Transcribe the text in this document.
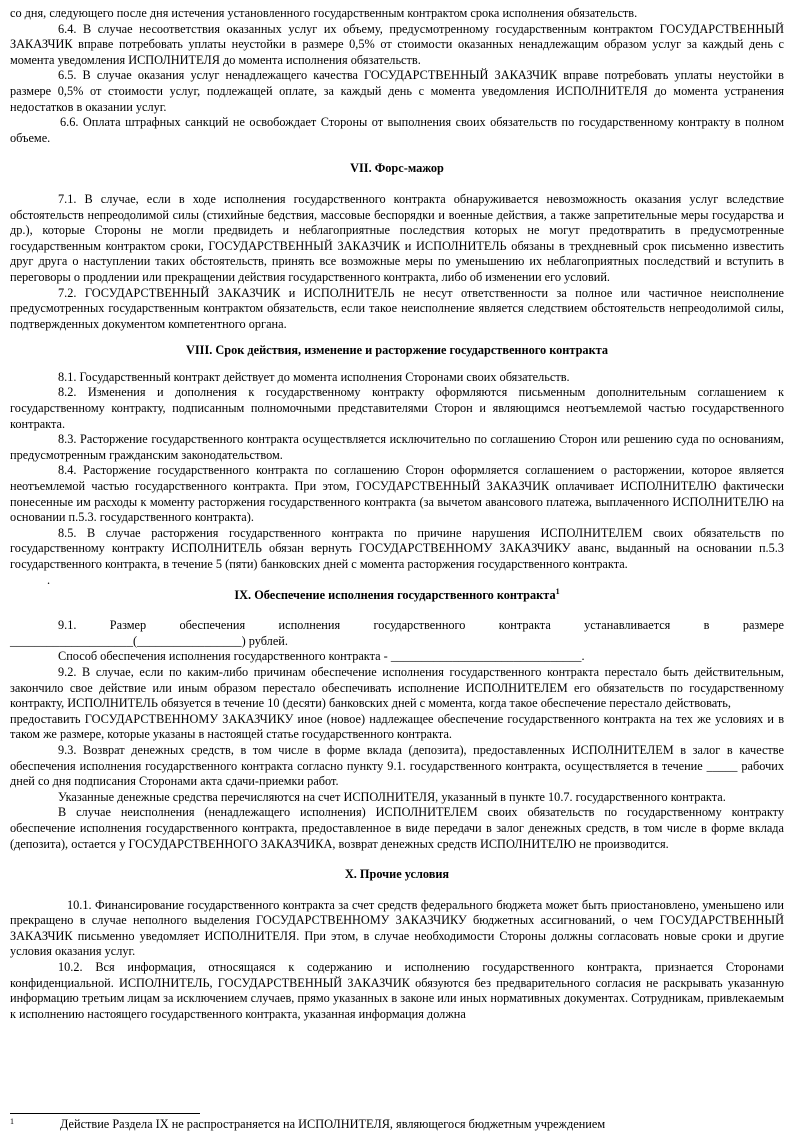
со дня, следующего после дня истечения установленного государственным контрактом срока исполнения обязательств.

6.4. В случае несоответствия оказанных услуг их объему, предусмотренному государственным контрактом ГОСУДАРСТВЕННЫЙ ЗАКАЗЧИК вправе потребовать уплаты неустойки в размере 0,5% от стоимости оказанных ненадлежащим образом услуг за каждый день с момента уведомления ИСПОЛНИТЕЛЯ до момента исполнения обязательств.

6.5. В случае оказания услуг ненадлежащего качества ГОСУДАРСТВЕННЫЙ ЗАКАЗЧИК вправе потребовать уплаты неустойки в размере 0,5% от стоимости услуг, подлежащей оплате, за каждый день с момента уведомления ИСПОЛНИТЕЛЯ до момента устранения недостатков в оказании услуг.

6.6. Оплата штрафных санкций не освобождает Стороны от выполнения своих обязательств по государственному контракту в полном объеме.

VII. Форс-мажор

7.1. В случае, если в ходе исполнения государственного контракта обнаруживается невозможность оказания услуг вследствие обстоятельств непреодолимой силы (стихийные бедствия, массовые беспорядки и военные действия, а также запретительные меры государства и др.), которые Стороны не могли предвидеть и неблагоприятные последствия которых не могут предотвратить в предусмотренные государственным контрактом сроки, ГОСУДАРСТВЕННЫЙ ЗАКАЗЧИК и ИСПОЛНИТЕЛЬ обязаны в трехдневный срок письменно известить друг друга о наступлении таких обстоятельств, принять все возможные меры по уменьшению их неблагоприятных последствий и вступить в переговоры о продлении или прекращении действия государственного контракта, либо об изменении его условий.

7.2. ГОСУДАРСТВЕННЫЙ ЗАКАЗЧИК и ИСПОЛНИТЕЛЬ не несут ответственности за полное или частичное неисполнение предусмотренных государственным контрактом обязательств, если такое неисполнение является следствием обстоятельств непреодолимой силы, подтвержденных документом компетентного органа.

VIII. Срок действия, изменение и расторжение государственного контракта

8.1. Государственный контракт действует до момента исполнения Сторонами своих обязательств.

8.2. Изменения и дополнения к государственному контракту оформляются письменным дополнительным соглашением к государственному контракту, подписанным полномочными представителями Сторон и являющимся неотъемлемой частью государственного контракта.

8.3. Расторжение государственного контракта осуществляется исключительно по соглашению Сторон или решению суда по основаниям, предусмотренным гражданским законодательством.

8.4. Расторжение государственного контракта по соглашению Сторон оформляется соглашением о расторжении, которое является неотъемлемой частью государственного контракта. При этом, ГОСУДАРСТВЕННЫЙ ЗАКАЗЧИК оплачивает ИСПОЛНИТЕЛЮ фактически понесенные им расходы к моменту расторжения государственного контракта (за вычетом авансового платежа, выплаченного ИСПОЛНИТЕЛЮ на основании п.5.3. государственного контракта).

8.5. В случае расторжения государственного контракта по причине нарушения ИСПОЛНИТЕЛЕМ своих обязательств по государственному контракту ИСПОЛНИТЕЛЬ обязан вернуть ГОСУДАРСТВЕННОМУ ЗАКАЗЧИКУ аванс, выданный на основании п.5.3 государственного контракта, в течение 5 (пяти) банковских дней с момента расторжения государственного контракта.

.

IX. Обеспечение исполнения государственного контракта$^1$

9.1.	Размер	обеспечения	исполнения	государственного	контракта	устанавливается	в	размере

____________________(_________________) рублей.

Способ обеспечения исполнения государственного контракта - _______________________________.

9.2. В случае, если по каким-либо причинам обеспечение исполнения государственного контракта перестало быть действительным, закончило свое действие или иным образом перестало обеспечивать исполнение ИСПОЛНИТЕЛЕМ его обязательств по государственному контракту, ИСПОЛНИТЕЛЬ обязуется в течение 10 (десяти) банковских дней с момента, когда такое обеспечение перестало действовать,

предоставить ГОСУДАРСТВЕННОМУ ЗАКАЗЧИКУ иное (новое) надлежащее обеспечение государственного контракта на тех же условиях и в таком же размере, которые указаны в настоящей статье государственного контракта.

9.3. Возврат денежных средств, в том числе в форме вклада (депозита), предоставленных ИСПОЛНИТЕЛЕМ в залог в качестве обеспечения исполнения государственного контракта согласно пункту 9.1. государственного контракта, осуществляется в течение _____ рабочих дней со дня подписания Сторонами акта сдачи-приемки работ.

Указанные денежные средства перечисляются на счет ИСПОЛНИТЕЛЯ, указанный в пункте 10.7. государственного контракта.

В случае неисполнения (ненадлежащего исполнения) ИСПОЛНИТЕЛЕМ своих обязательств по государственному контракту обеспечение исполнения государственного контракта, предоставленное в виде передачи в залог денежных средств, в том числе в форме вклада (депозита), остается у ГОСУДАРСТВЕННОГО ЗАКАЗЧИКА, возврат денежных средств ИСПОЛНИТЕЛЮ не производится.

X. Прочие условия

10.1. Финансирование государственного контракта за счет средств федерального бюджета может быть приостановлено, уменьшено или прекращено в случае неполного выделения ГОСУДАРСТВЕННОМУ ЗАКАЗЧИКУ бюджетных ассигнований, о чем ГОСУДАРСТВЕННЫЙ ЗАКАЗЧИК письменно уведомляет ИСПОЛНИТЕЛЯ. При этом, в случае необходимости Стороны должны согласовать новые сроки и другие условия оказания услуг.

10.2. Вся информация, относящаяся к содержанию и исполнению государственного контракта, признается Сторонами конфиденциальной. ИСПОЛНИТЕЛЬ, ГОСУДАРСТВЕННЫЙ ЗАКАЗЧИК обязуются без предварительного согласия не раскрывать указанную информацию третьим лицам за исключением случаев, прямо указанных в законе или иных нормативных документах. Сотрудникам, привлекаемым к исполнению настоящего государственного контракта, указанная информация должна

1	Действие Раздела IX не распространяется на ИСПОЛНИТЕЛЯ, являющегося бюджетным учреждением
